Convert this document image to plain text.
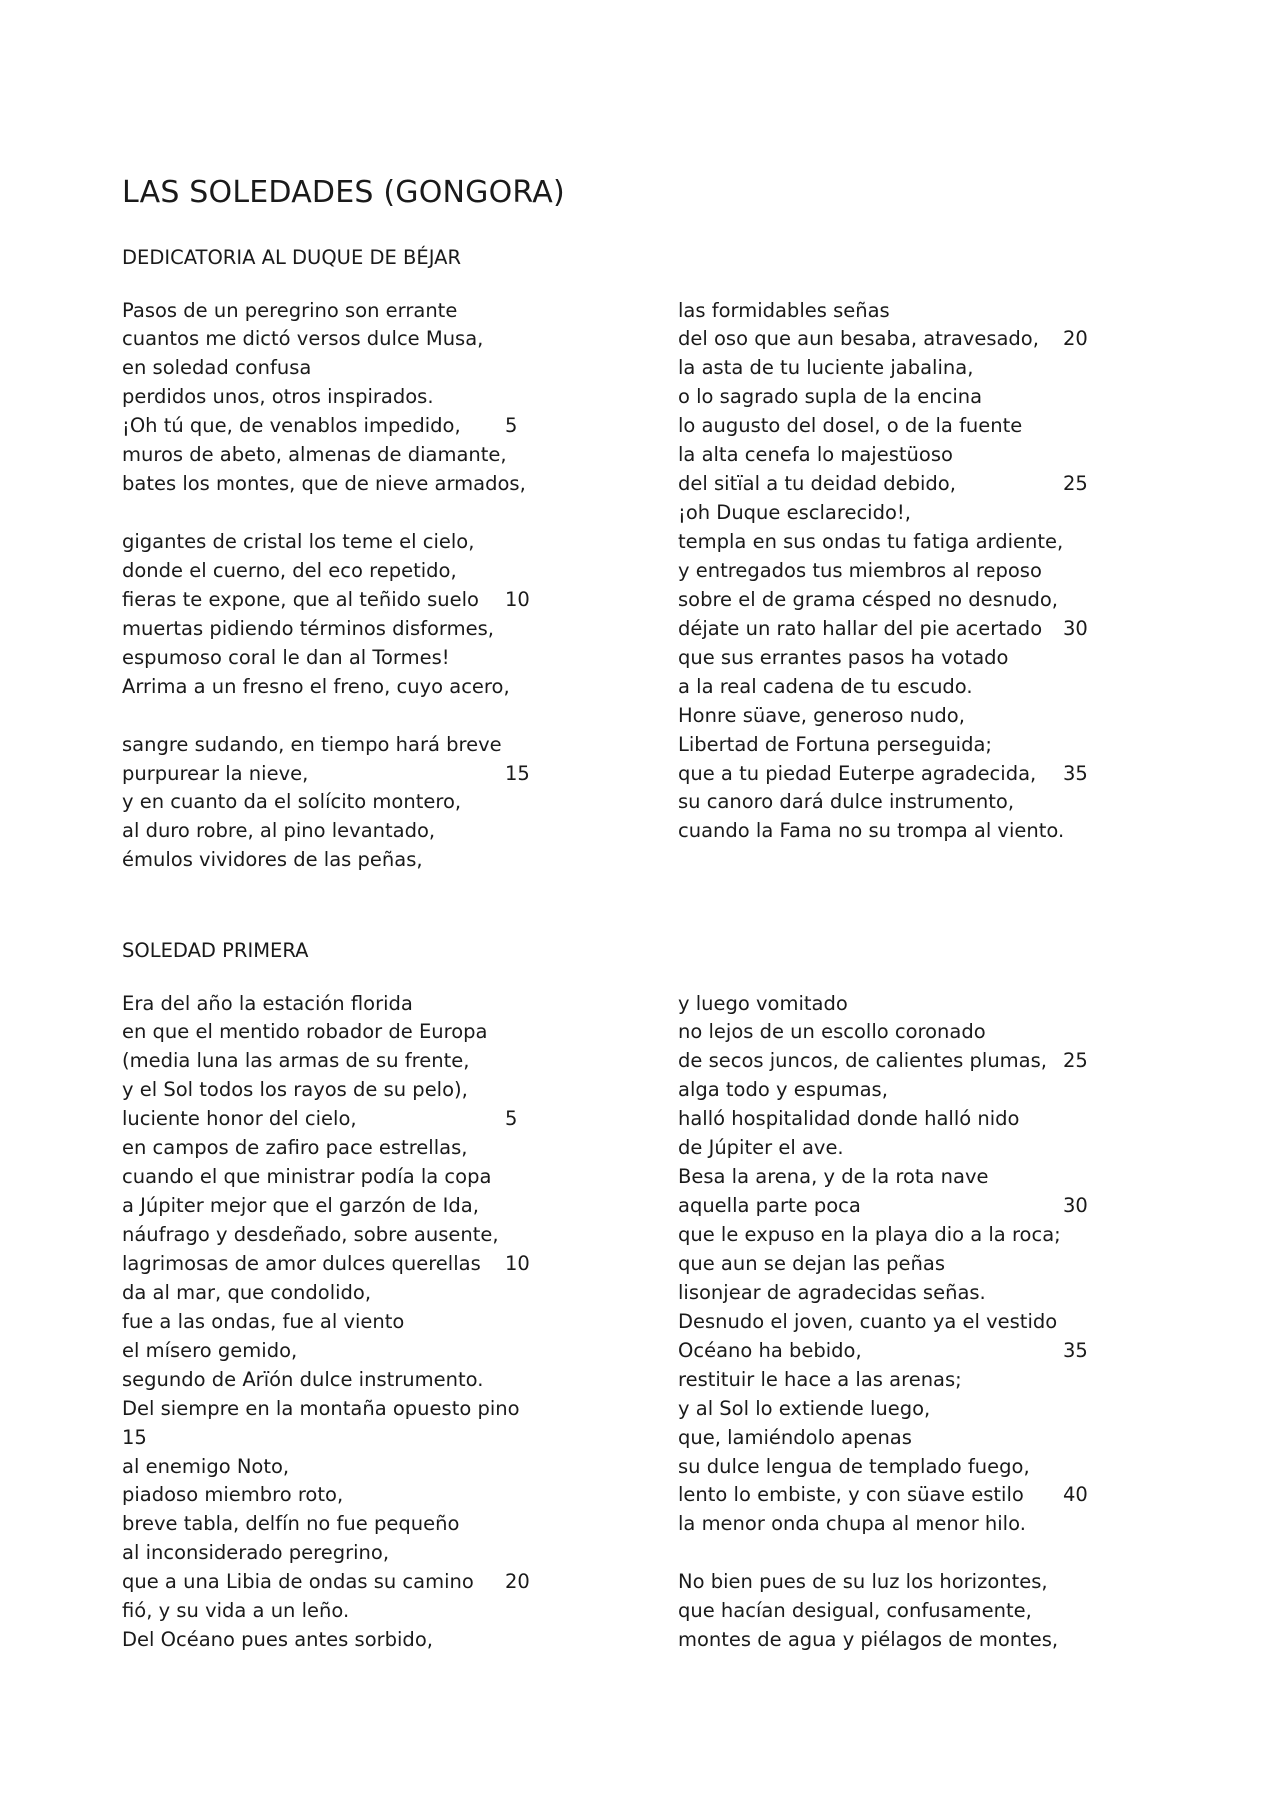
LAS SOLEDADES (GONGORA)
DEDICATORIA AL DUQUE DE BÉJAR
Pasos de un peregrino son errante
cuantos me dictó versos dulce Musa,
en soledad confusa
perdidos unos, otros inspirados.
¡Oh tú que, de venablos impedido, 5
muros de abeto, almenas de diamante,
bates los montes, que de nieve armados,
gigantes de cristal los teme el cielo,
donde el cuerno, del eco repetido,
fieras te expone, que al teñido suelo 10
muertas pidiendo términos disformes,
espumoso coral le dan al Tormes!
Arrima a un fresno el freno, cuyo acero,
sangre sudando, en tiempo hará breve
purpurear la nieve,	15
y en cuanto da el solícito montero,
al duro robre, al pino levantado,
émulos vividores de las peñas,
las formidables señas
del oso que aun besaba, atravesado, 20
la asta de tu luciente jabalina,
o lo sagrado supla de la encina
lo augusto del dosel, o de la fuente
la alta cenefa lo majestüoso
del sitïal a tu deidad debido,	25
¡oh Duque esclarecido!,
templa en sus ondas tu fatiga ardiente,
y entregados tus miembros al reposo
sobre el de grama césped no desnudo,
déjate un rato hallar del pie acertado 30
que sus errantes pasos ha votado
a la real cadena de tu escudo.
Honre süave, generoso nudo,
Libertad de Fortuna perseguida;
que a tu piedad Euterpe agradecida, 35
su canoro dará dulce instrumento,
cuando la Fama no su trompa al viento.
SOLEDAD PRIMERA
Era del año la estación florida
en que el mentido robador de Europa
(media luna las armas de su frente,
y el Sol todos los rayos de su pelo),
luciente honor del cielo,	5
en campos de zafiro pace estrellas,
cuando el que ministrar podía la copa
a Júpiter mejor que el garzón de Ida,
náufrago y desdeñado, sobre ausente,
lagrimosas de amor dulces querellas 10
da al mar, que condolido,
fue a las ondas, fue al viento
el mísero gemido,
segundo de Arïón dulce instrumento.
Del siempre en la montaña opuesto pino
15
al enemigo Noto,
piadoso miembro roto,
breve tabla, delfín no fue pequeño
al inconsiderado peregrino,
que a una Libia de ondas su camino 20
fió, y su vida a un leño.
Del Océano pues antes sorbido,
y luego vomitado
no lejos de un escollo coronado
de secos juncos, de calientes plumas, 25
alga todo y espumas,
halló hospitalidad donde halló nido
de Júpiter el ave.
Besa la arena, y de la rota nave
aquella parte poca	30
que le expuso en la playa dio a la roca;
que aun se dejan las peñas
lisonjear de agradecidas señas.
Desnudo el joven, cuanto ya el vestido
Océano ha bebido,	35
restituir le hace a las arenas;
y al Sol lo extiende luego,
que, lamiéndolo apenas
su dulce lengua de templado fuego,
lento lo embiste, y con süave estilo 40
la menor onda chupa al menor hilo.
No bien pues de su luz los horizontes,
que hacían desigual, confusamente,
montes de agua y piélagos de montes,
